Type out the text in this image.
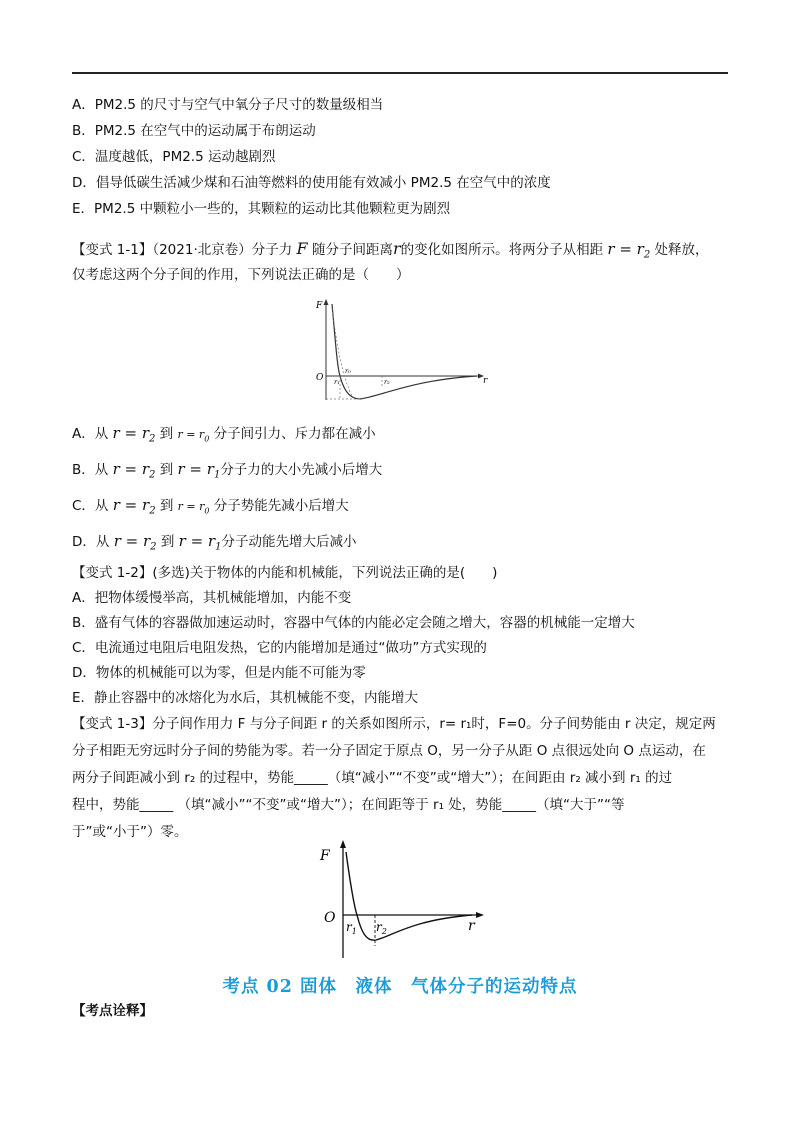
A．PM2.5 的尺寸与空气中氧分子尺寸的数量级相当
B．PM2.5 在空气中的运动属于布朗运动
C．温度越低，PM2.5 运动越剧烈
D．倡导低碳生活减少煤和石油等燃料的使用能有效减小 PM2.5 在空气中的浓度
E．PM2.5 中颗粒小一些的，其颗粒的运动比其他颗粒更为剧烈
【变式 1-1】（2021·北京卷）分子力 F 随分子间距离r的变化如图所示。将两分子从相距 $r = r_2$ 处释放，
仅考虑这两个分子间的作用，下列说法正确的是（　　）
F
O	r
r₀
r₁	r₂
A．从 $r = r_2$ 到 $r = r_0$ 分子间引力、斥力都在减小
B．从 $r = r_2$ 到 $r = r_1$分子力的大小先减小后增大
C．从 $r = r_2$ 到 $r = r_0$ 分子势能先减小后增大
D．从 $r = r_2$ 到 $r = r_1$分子动能先增大后减小
【变式 1-2】(多选)关于物体的内能和机械能，下列说法正确的是(　　)
A．把物体缓慢举高，其机械能增加，内能不变
B．盛有气体的容器做加速运动时，容器中气体的内能必定会随之增大，容器的机械能一定增大
C．电流通过电阻后电阻发热，它的内能增加是通过“做功”方式实现的
D．物体的机械能可以为零，但是内能不可能为零
E．静止容器中的冰熔化为水后，其机械能不变，内能增大
【变式 1-3】分子间作用力 F 与分子间距 r 的关系如图所示，r= r₁时，F=0。分子间势能由 r 决定，规定两
分子相距无穷远时分子间的势能为零。若一分子固定于原点 O，另一分子从距 O 点很远处向 O 点运动，在
两分子间距减小到 r₂ 的过程中，势能_____（填“减小”“不变”或“增大”）；在间距由 r₂ 减小到 r₁ 的过
程中，势能_____ （填“减小”“不变”或“增大”）；在间距等于 r₁ 处，势能_____（填“大于”“等
于”或“小于”）零。
F
O	r
$r_1$ $r_2$
考点 02 固体　液体　气体分子的运动特点
【考点诠释】
